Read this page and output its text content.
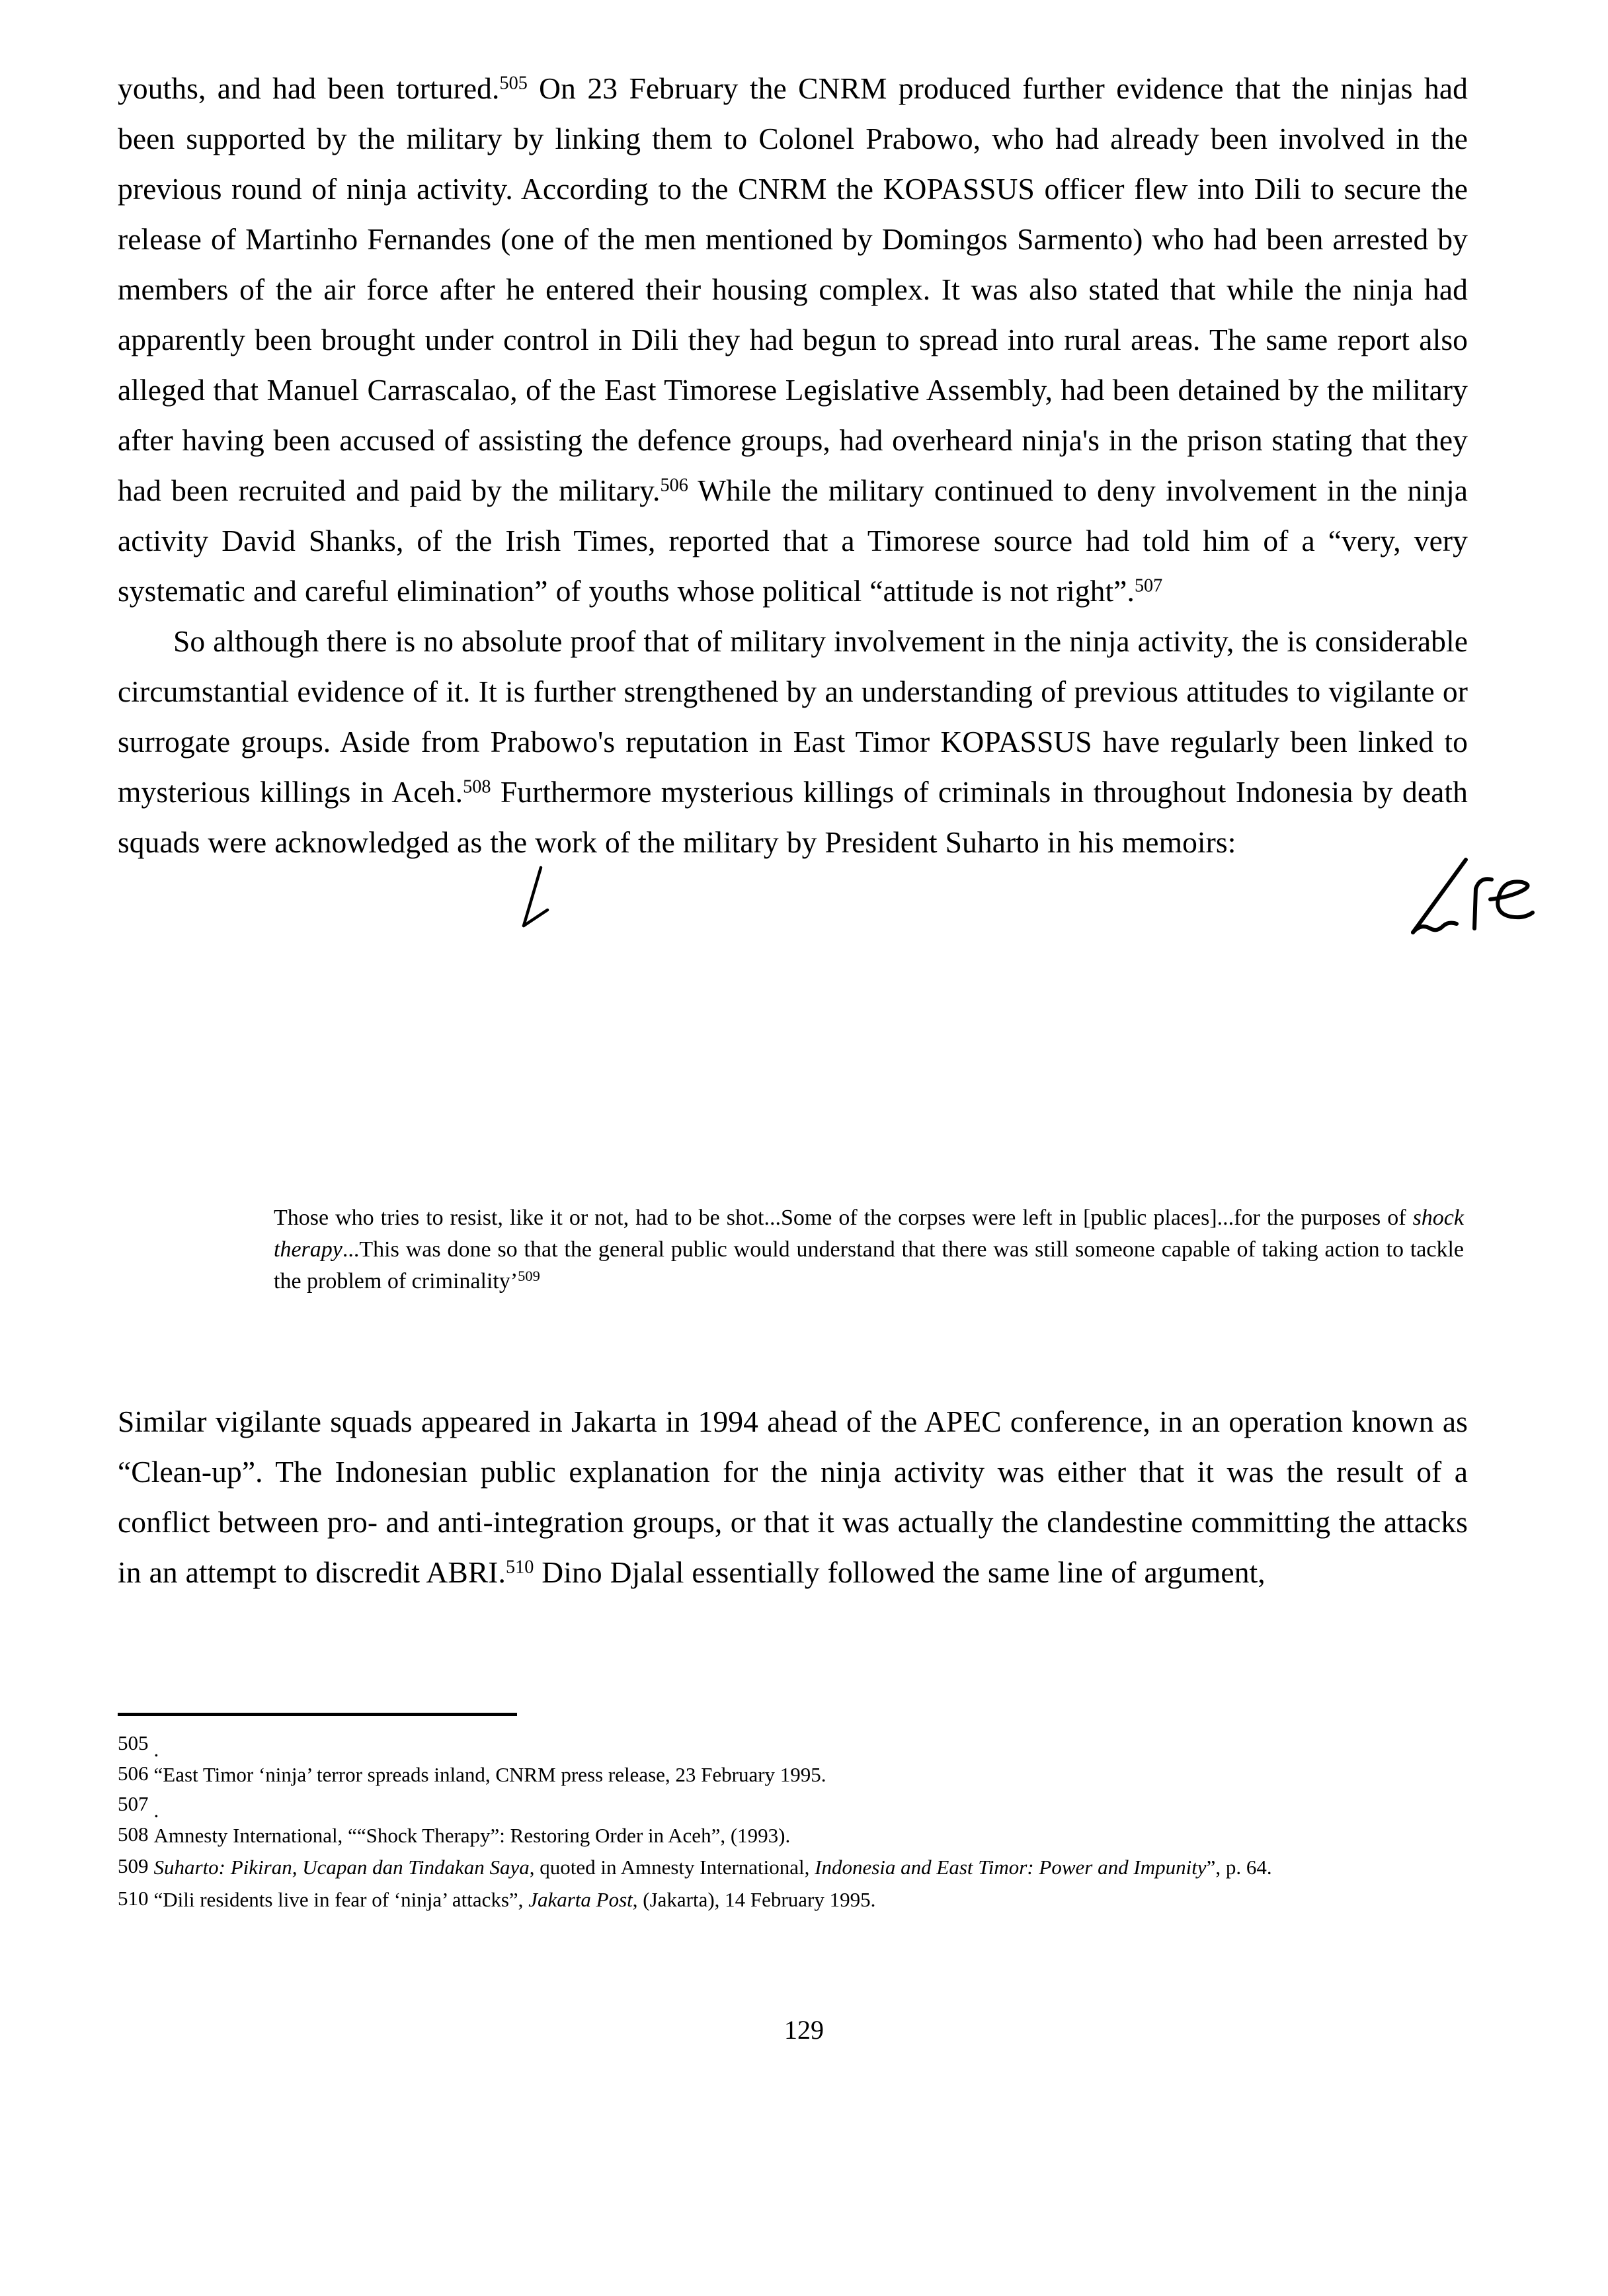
youths, and had been tortured.$^{505}$ On 23 February the CNRM produced further evidence that the ninjas had been supported by the military by linking them to Colonel Prabowo, who had already been involved in the previous round of ninja activity. According to the CNRM the KOPASSUS officer flew into Dili to secure the release of Martinho Fernandes (one of the men mentioned by Domingos Sarmento) who had been arrested by members of the air force after he entered their housing complex. It was also stated that while the ninja had apparently been brought under control in Dili they had begun to spread into rural areas. The same report also alleged that Manuel Carrascalao, of the East Timorese Legislative Assembly, had been detained by the military after having been accused of assisting the defence groups, had overheard ninja's in the prison stating that they had been recruited and paid by the military.$^{506}$ While the military continued to deny involvement in the ninja activity David Shanks, of the Irish Times, reported that a Timorese source had told him of a “very, very systematic and careful elimination” of youths whose political “attitude is not right”.$^{507}$

So although there is no absolute proof that of military involvement in the ninja activity, the is considerable circumstantial evidence of it. It is further strengthened by an understanding of previous attitudes to vigilante or surrogate groups. Aside from Prabowo's reputation in East Timor KOPASSUS have regularly been linked to mysterious killings in Aceh.$^{508}$ Furthermore mysterious killings of criminals in throughout Indonesia by death squads were acknowledged as the work of the military by President Suharto in his memoirs:

Those who tries to resist, like it or not, had to be shot...Some of the corpses were left in [public places]...for the purposes of shock therapy...This was done so that the general public would understand that there was still someone capable of taking action to tackle the problem of criminality’$^{509}$

Similar vigilante squads appeared in Jakarta in 1994 ahead of the APEC conference, in an operation known as “Clean-up”. The Indonesian public explanation for the ninja activity was either that it was the result of a conflict between pro- and anti-integration groups, or that it was actually the clandestine committing the attacks in an attempt to discredit ABRI.$^{510}$ Dino Djalal essentially followed the same line of argument,

505 .
506 “East Timor ‘ninja’ terror spreads inland, CNRM press release, 23 February 1995.
507 .
508 Amnesty International, ““Shock Therapy”: Restoring Order in Aceh”, (1993).
509 Suharto: Pikiran, Ucapan dan Tindakan Saya, quoted in Amnesty International, Indonesia and East Timor: Power and Impunity”, p. 64.
510 “Dili residents live in fear of ‘ninja’ attacks”, Jakarta Post, (Jakarta), 14 February 1995.
129
